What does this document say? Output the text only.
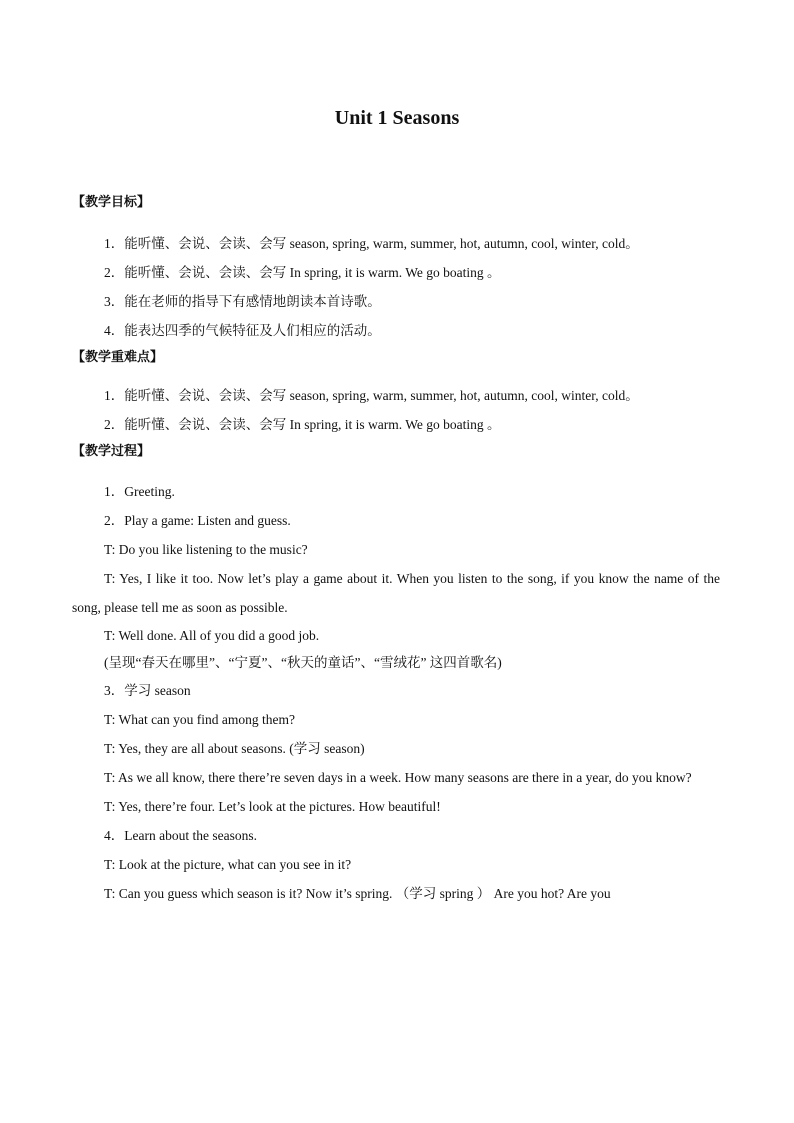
Unit 1 Seasons
【教学目标】

1．能听懂、会说、会读、会写 season, spring, warm, summer, hot, autumn, cool, winter, cold。

2．能听懂、会说、会读、会写 In spring, it is warm. We go boating 。

3．能在老师的指导下有感情地朗读本首诗歌。

4．能表达四季的气候特征及人们相应的活动。

【教学重难点】

1．能听懂、会说、会读、会写 season, spring, warm, summer, hot, autumn, cool, winter, cold。

2．能听懂、会说、会读、会写 In spring, it is warm. We go boating 。

【教学过程】

1．Greeting.

2．Play a game: Listen and guess.

T: Do you like listening to the music?

T: Yes, I like it too. Now let’s play a game about it. When you listen to the song, if you know the name of the song, please tell me as soon as possible.

T: Well done. All of you did a good job.

(呈现“春天在哪里”、“宁夏”、“秋天的童话”、“雪绒花” 这四首歌名)

3．学习 season

T: What can you find among them?

T: Yes, they are all about seasons. (学习 season)

T: As we all know, there there’re seven days in a week. How many seasons are there in a year, do you know?

T: Yes, there’re four. Let’s look at the pictures. How beautiful!

4．Learn about the seasons.

T: Look at the picture, what can you see in it?

T: Can you guess which season is it? Now it’s spring. （学习 spring ） Are you hot? Are you
